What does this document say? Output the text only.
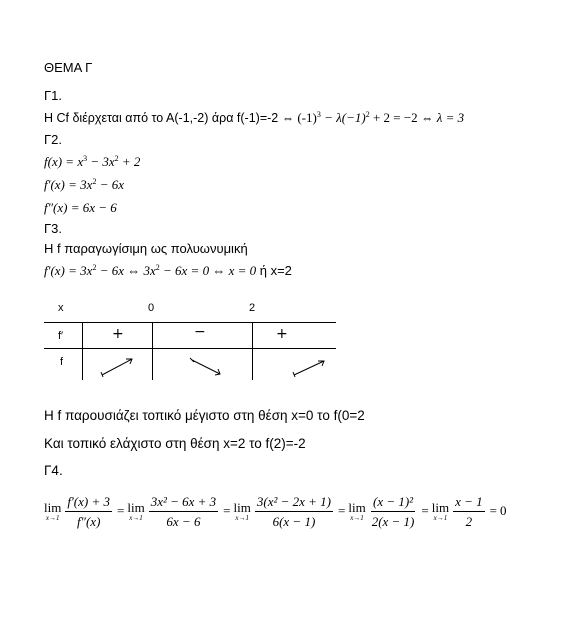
ΘΕΜΑ Γ
Γ1.
Η Cf διέρχεται από το Α(-1,-2) άρα f(-1)=-2 ⇔ $(-1)^3 - \lambda(-1)^2 + 2 = -2$ ⇔ λ = 3
Γ2.
$f(x) = x^3 - 3x^2 + 2$
$f'(x) = 3x^2 - 6x$
f″(x) = 6x − 6
Γ3.
Η f παραγωγίσιμη ως πολυωνυμική
$f'(x) = 3x^2 - 6x$ ⇔ $3x^2 - 6x = 0$ ⇔ x = 0 ή x=2
x	0	2
f′	+	−	+
f
Η f παρουσιάζει τοπικό μέγιστο στη θέση x=0 το f(0=2
Και τοπικό ελάχιστο στη θέση x=2 το f(2)=-2
Γ4.
lim
$x\to 1 \frac{f'(x) + 3}{f''(x)} = \lim$
$x\to 1 \frac{\text{3x² − 6x + 3}}{6x - 6} = \lim$
$x\to 1 \frac{\text{3(x² − 2x + 1)}}{6(x - 1)} = \lim$
$x\to 1 \frac{\text{(x − 1)²}}{2(x - 1)} = \lim$
$x\to 1 \frac{x - 1}{2} = 0$
